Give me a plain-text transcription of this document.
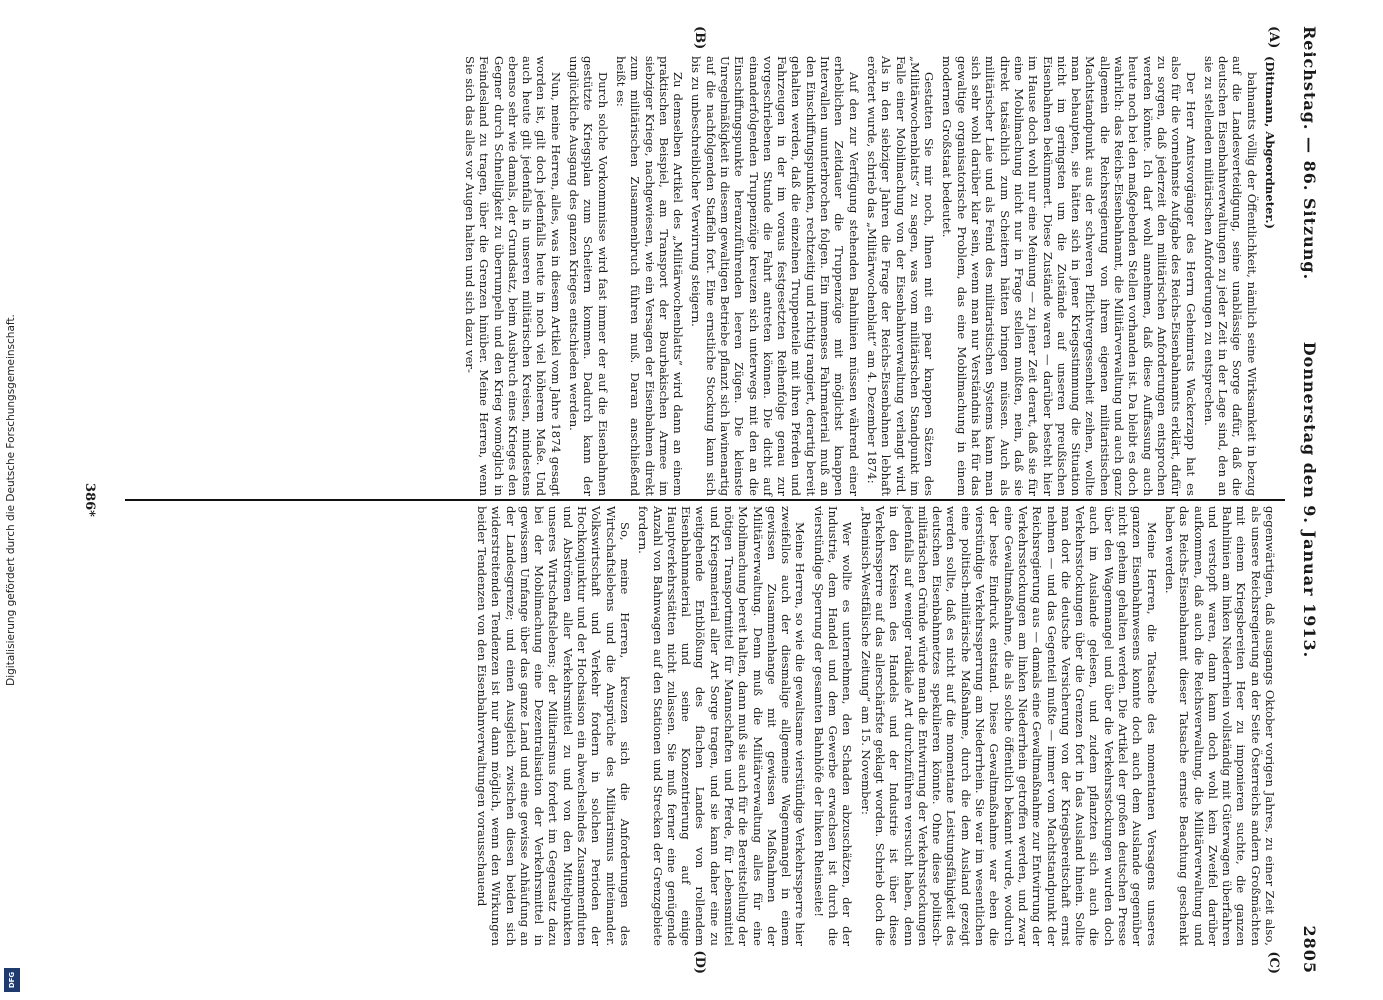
Reichstag. — 86. Sitzung.
Donnerstag den 9. Januar 1913.
2805
(A)
(B)
(C)
(D)

(Dittmann, Abgeordneter.)

bahnamts völlig der Öffentlichkeit, nämlich seine Wirksamkeit in bezug auf die Landesverteidigung, seine unablässige Sorge dafür, daß die deutschen Eisenbahnverwaltungen zu jeder Zeit in der Lage sind, den an sie zu stellenden militärischen Anforderungen zu entsprechen.

Der Herr Amtsvorgänger des Herrn Geheimrats Wackerzapp hat es also für die vornehmste Aufgabe des Reichs-Eisenbahnamts erklärt, dafür zu sorgen, daß jederzeit den militärischen Anforderungen entsprochen werden könnte. Ich darf wohl annehmen, daß diese Auffassung auch heute noch bei den maßgebenden Stellen vorhanden ist. Da bleibt es doch wahrlich: das Reichs-Eisenbahnamt, die Militärverwaltung und auch ganz allgemein die Reichsregierung von ihrem eigenen militaristischen Machtstandpunkt aus der schweren Pflichtvergessenheit zeihen, wollte man behaupten, sie hätten sich in jener Kriegsstimmung die Situation nicht im geringsten um die Zustände auf unseren preußischen Eisenbahnen bekümmert. Diese Zustände waren — darüber besteht hier im Hause doch wohl nur eine Meinung — zu jener Zeit derart, daß sie für eine Mobilmachung nicht nur in Frage stellen mußten, nein, daß sie direkt tatsächlich zum Scheitern hätten bringen müssen. Auch als militärischer Laie und als Feind des militaristischen Systems kann man sich sehr wohl darüber klar sein, wenn man nur Verständnis hat für das gewaltige organisatorische Problem, das eine Mobilmachung in einem modernen Großstaat bedeutet.

Gestatten Sie mir noch, Ihnen mit ein paar knappen Sätzen des „Militärwochenblatts“ zu sagen, was vom militärischen Standpunkt im Falle einer Mobilmachung von der Eisenbahnverwaltung verlangt wird. Als in den siebziger Jahren die Frage der Reichs-Eisenbahnen lebhaft erörtert wurde, schrieb das „Militärwochenblatt“ am 4. Dezember 1874:

Auf den zur Verfügung stehenden Bahnlinien müssen während einer erheblichen Zeitdauer die Truppenzüge mit möglichst knappen Intervallen ununterbrochen folgen. Ein immenses Fahrmaterial muß an den Einschiffungspunkten, rechtzeitig und richtig rangiert, derartig bereit gehalten werden, daß die einzelnen Truppenteile mit ihren Pferden und Fahrzeugen in der im voraus festgesetzten Reihenfolge genau zur vorgeschriebenen Stunde die Fahrt antreten können. Die dicht auf einanderfolgenden Truppenzüge kreuzen sich unterwegs mit den an die Einschiffungspunkte heranzuführenden leeren Zügen. Die kleinste Unregelmäßigkeit in diesem gewaltigen Betriebe pflanzt sich lawinenartig auf die nachfolgenden Staffeln fort. Eine ernstliche Stockung kann sich bis zu unbeschreiblicher Verwirrung steigern.

Zu demselben Artikel des „Militärwochenblatts“ wird dann an einem praktischen Beispiel, am Transport der Bourbakischen Armee im siebziger Kriege, nachgewiesen, wie ein Versagen der Eisenbahnen direkt zum militärischen Zusammenbruch führen muß. Daran anschließend heißt es:

Durch solche Vorkommnisse wird fast immer der auf die Eisenbahnen gestützte Kriegsplan zum Scheitern kommen. Dadurch kann der unglückliche Ausgang des ganzen Krieges entschieden werden.

Nun, meine Herren, alles, was in diesem Artikel vom Jahre 1874 gesagt worden ist, gilt doch jedenfalls heute in noch viel höherem Maße. Und auch heute gilt jedenfalls in unseren militärischen Kreisen, mindestens ebenso sehr wie damals, der Grundsatz, beim Ausbruch eines Krieges den Gegner durch Schnelligkeit zu überrumpeln und den Krieg womöglich in Feindesland zu tragen, über die Grenzen hinüber. Meine Herren, wenn Sie sich das alles vor Augen halten und sich dazu ver-

gegenwärtigen, daß ausgangs Oktober vorigen Jahres, zu einer Zeit also, als unsere Reichsregierung an der Seite Österreichs andern Großmächten mit einem Kriegsbereiten Heer zu imponieren suchte, die ganzen Bahnlinien am linken Niederrhein vollständig mit Güterwagen überfahren und verstopft waren, dann kann doch wohl kein Zweifel darüber aufkommen, daß auch die Reichsverwaltung, die Militärverwaltung und das Reichs-Eisenbahnamt dieser Tatsache ernste Beachtung geschenkt haben werden.

Meine Herren, die Tatsache des momentanen Versagens unseres ganzen Eisenbahnwesens konnte doch auch dem Auslande gegenüber nicht geheim gehalten werden. Die Artikel der großen deutschen Presse über den Wagenmangel und über die Verkehrsstockungen wurden doch auch im Auslande gelesen, und zudem pflanzten sich auch die Verkehrsstockungen über die Grenzen fort in das Ausland hinein. Sollte man dort die deutsche Versicherung von der Kriegsbereitschaft ernst nehmen — und das Gegenteil mußte — immer vom Machtstandpunkt der Reichsregierung aus — damals eine Gewaltmaßnahme zur Entwirrung der Verkehrsstockungen am linken Niederrhein getroffen werden, und zwar eine Gewaltmaßnahme, die als solche öffentlich bekannt wurde, wodurch der beste Eindruck entstand. Diese Gewaltmaßnahme war eben die vierstündige Verkehrssperrung am Niederrhein. Sie war im wesentlichen eine politisch-militärische Maßnahme, durch die dem Ausland gezeigt werden sollte, daß es nicht auf die momentane Leistungsfähigkeit des deutschen Eisenbahnnetzes spekulieren könnte. Ohne diese politisch-militärischen Gründe würde man die Entwirrung der Verkehrsstockungen jedenfalls auf weniger radikale Art durchzuführen versucht haben, denn in den Kreisen des Handels und der Industrie ist über diese Verkehrssperre auf das allerschärfste geklagt worden. Schrieb doch die „Rheinisch-Westfälische Zeitung“ am 15. November:

Wer wollte es unternehmen, den Schaden abzuschätzen, der der Industrie, dem Handel und dem Gewerbe erwachsen ist durch die vierstündige Sperrung der gesamten Bahnhöfe der linken Rheinseite!

Meine Herren, so wie die gewaltsame vierstündige Verkehrssperre hier zweifellos auch der diesmalige allgemeine Wagenmangel in einem gewissen Zusammenhange mit gewissen Maßnahmen der Militärverwaltung. Denn muß die Militärverwaltung alles für eine Mobilmachung bereit halten, dann muß sie auch für die Bereitstellung der nötigen Transportmittel für Mannschaften und Pferde, für Lebensmittel und Kriegsmaterial aller Art Sorge tragen, und sie kann daher eine zu weitgehende Entblößung des flachen Landes von rollendem Eisenbahnmaterial und seine Konzentrierung auf einige Hauptverkehrsstätten nicht zulassen. Sie muß ferner eine genügende Anzahl von Bahnwagen auf den Stationen und Strecken der Grenzgebiete fordern.

So, meine Herren, kreuzen sich die Anforderungen des Wirtschaftslebens und die Ansprüche des Militarismus miteinander. Volkswirtschaft und Verkehr fordern in solchen Perioden der Hochkonjunktur und der Hochsaison ein abwechselndes Zusammenfluten und Abströmen aller Verkehrsmittel zu und von den Mittelpunkten unseres Wirtschaftslebens; der Militarismus fordert im Gegensatz dazu bei der Mobilmachung eine Dezentralisation der Verkehrsmittel in gewissem Umfange über das ganze Land und eine gewisse Anhäufung an der Landesgrenze; und einen Ausgleich zwischen diesen beiden sich widerstreitenden Tendenzen ist nur dann möglich, wenn den Wirkungen beider Tendenzen von den Eisenbahnverwaltungen vorausschauend

386*
Digitalisierung gefördert durch die Deutsche Forschungsgemeinschaft.
DFG
